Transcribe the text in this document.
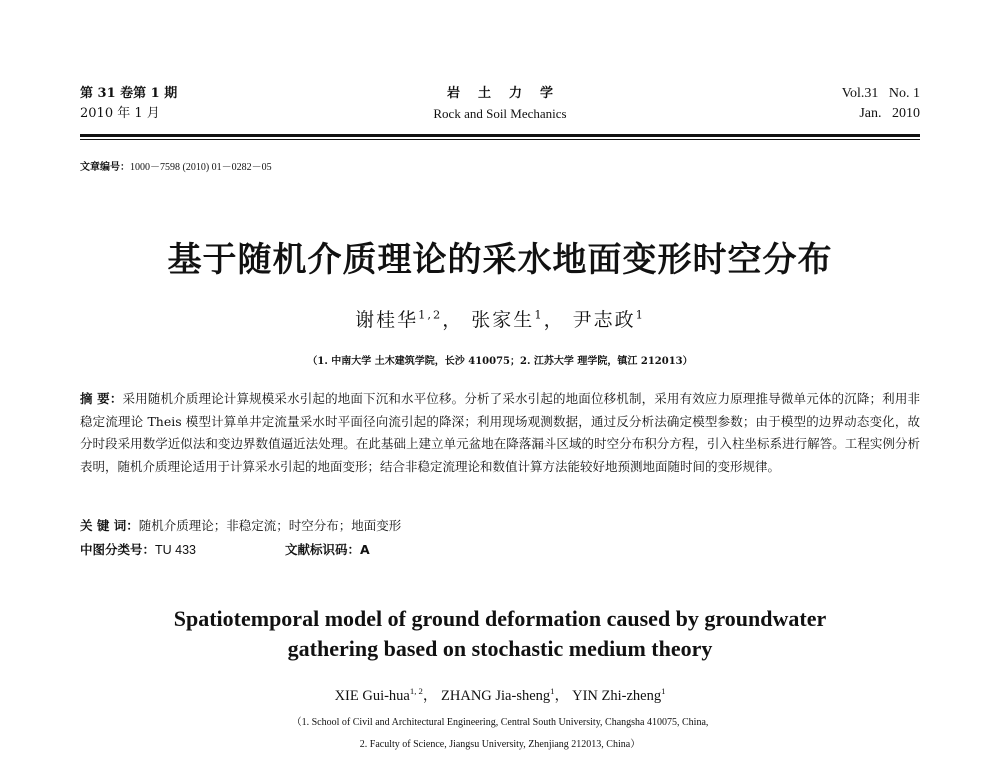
第 31 卷第 1 期
2010 年 1 月
岩土力学
Rock and Soil Mechanics
Vol.31   No. 1
Jan.   2010
文章编号：1000－7598 (2010) 01－0282－05
基于随机介质理论的采水地面变形时空分布
谢桂华$^{1,2}$， 张家生$^1$， 尹志政$^1$
（1. 中南大学 土木建筑学院，长沙 410075；2. 江苏大学 理学院，镇江 212013）
摘 要：采用随机介质理论计算规模采水引起的地面下沉和水平位移。分析了采水引起的地面位移机制，采用有效应力原理推导微单元体的沉降；利用非稳定流理论 Theis 模型计算单井定流量采水时平面径向流引起的降深；利用现场观测数据，通过反分析法确定模型参数；由于模型的边界动态变化，故分时段采用数学近似法和变边界数值逼近法处理。在此基础上建立单元盆地在降落漏斗区域的时空分布积分方程，引入柱坐标系进行解答。工程实例分析表明，随机介质理论适用于计算采水引起的地面变形；结合非稳定流理论和数值计算方法能较好地预测地面随时间的变形规律。
关 键 词：随机介质理论；非稳定流；时空分布；地面变形
中图分类号：TU 433	文献标识码：A
Spatiotemporal model of ground deformation caused by groundwater
gathering based on stochastic medium theory
XIE Gui-hua$^{1, 2}$， ZHANG Jia-sheng$^1$， YIN Zhi-zheng$^1$
（1. School of Civil and Architectural Engineering, Central South University, Changsha 410075, China,
2. Faculty of Science, Jiangsu University, Zhenjiang 212013, China）
